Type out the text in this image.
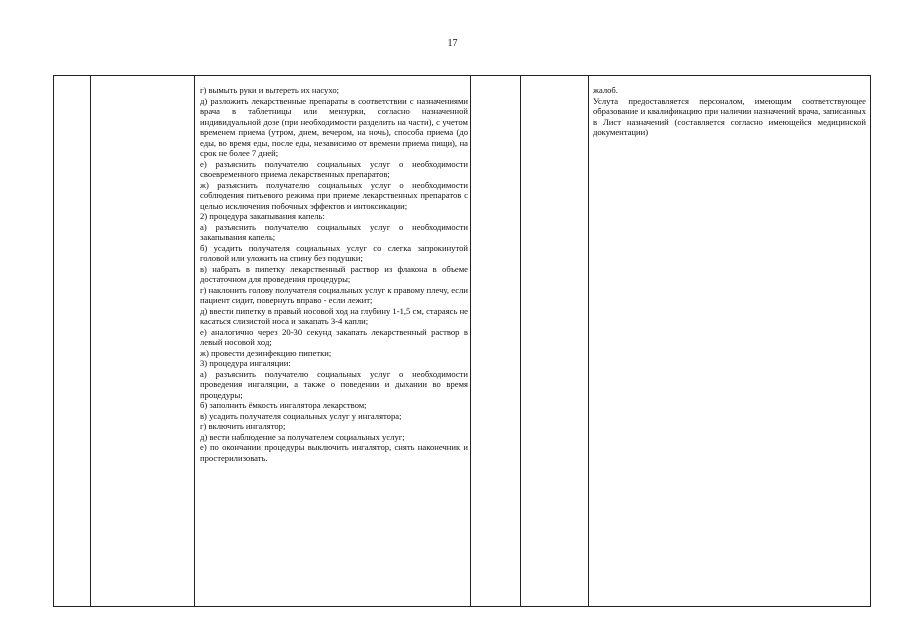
17

г) вымыть руки и вытереть их насухо;

д) разложить лекарственные препараты в соответствии с назначениями врача в таблетницы или мензурки, согласно назначенной индивидуальной дозе (при необходимости разделить на части), с учетом временем приема (утром, днем, вечером, на ночь), способа приема (до еды, во время еды, после еды, независимо от времени приема пищи), на срок не более 7 дней;

е) разъяснить получателю социальных услуг о необходимости своевременного приема лекарственных препаратов;

ж) разъяснить получателю социальных услуг о необходимости соблюдения питьевого режима при приеме лекарственных препаратов с целью исключения побочных эффектов и интоксикации;

2) процедура закапывания капель:

а) разъяснить получателю социальных услуг о необходимости закапывания капель;

б) усадить получателя социальных услуг со слегка запрокинутой головой или уложить на спину без подушки;

в) набрать в пипетку лекарственный раствор из флакона в объеме достаточном для проведения процедуры;

г) наклонить голову получателя социальных услуг к правому плечу, если пациент сидит, повернуть вправо - если лежит;

д) ввести пипетку в правый носовой ход на глубину 1-1,5 см, стараясь не касаться слизистой носа и закапать 3-4 капли;

е) аналогично через 20-30 секунд закапать лекарственный раствор в левый носовой ход;

ж) провести дезинфекцию пипетки;

3) процедура ингаляции:

а) разъяснить получателю социальных услуг о необходимости проведения ингаляции, а также о поведении и дыхании во время процедуры;

б) заполнить ёмкость ингалятора лекарством;

в) усадить получателя социальных услуг у ингалятора;

г) включить ингалятор;

д) вести наблюдение за получателем социальных услуг;

е) по окончании процедуры выключить ингалятор, снять наконечник и простерилизовать.

жалоб.

Услута предоставляется персоналом, имеющим соответствующее образование и квалификацию при наличии назначений врача, записанных в Лист назначений (составляется согласно имеющейся медицинской документации)
